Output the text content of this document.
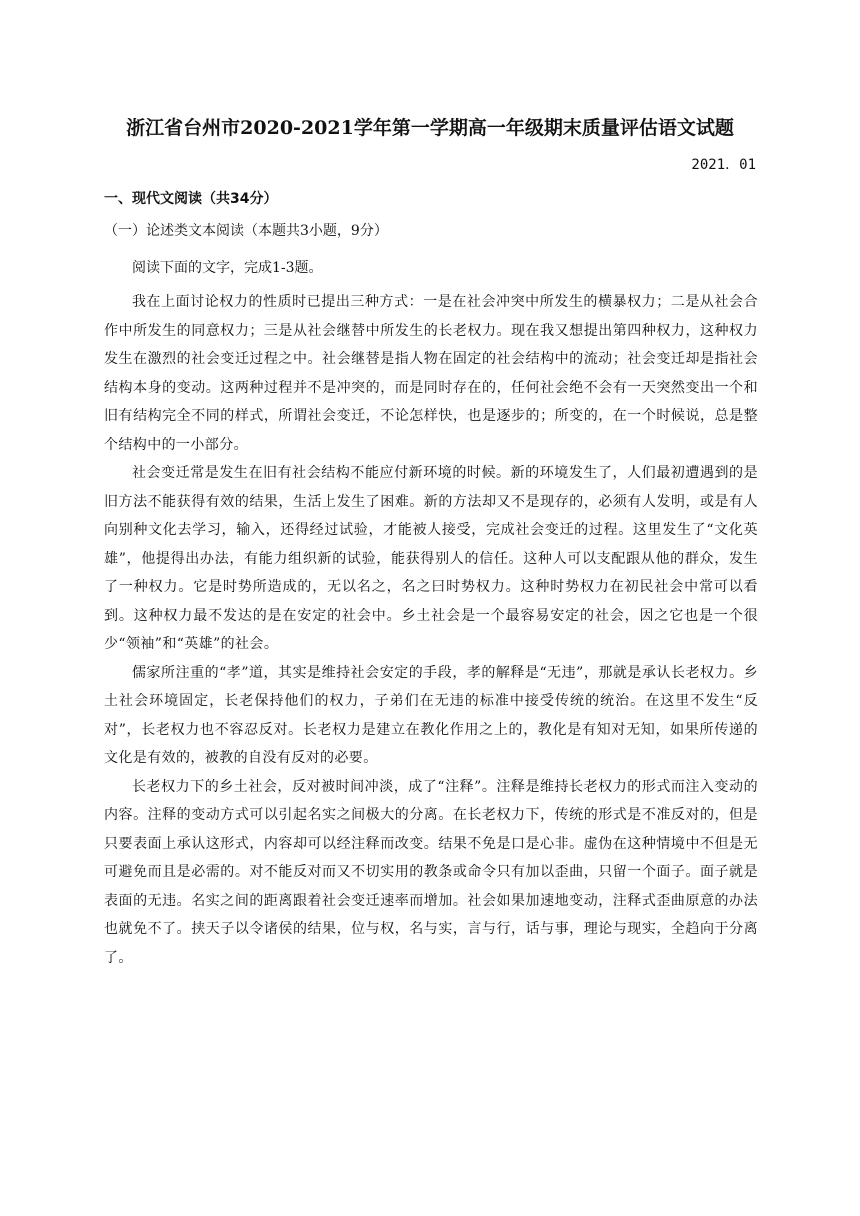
浙江省台州市2020-2021学年第一学期高一年级期末质量评估语文试题
2021．01
一、现代文阅读（共34分）
（一）论述类文本阅读（本题共3小题，9分）
阅读下面的文字，完成1-3题。

我在上面讨论权力的性质时已提出三种方式：一是在社会冲突中所发生的横暴权力；二是从社会合作中所发生的同意权力；三是从社会继替中所发生的长老权力。现在我又想提出第四种权力，这种权力发生在激烈的社会变迁过程之中。社会继替是指人物在固定的社会结构中的流动；社会变迁却是指社会结构本身的变动。这两种过程并不是冲突的，而是同时存在的，任何社会绝不会有一天突然变出一个和旧有结构完全不同的样式，所谓社会变迁，不论怎样快，也是逐步的；所变的，在一个时候说，总是整个结构中的一小部分。

社会变迁常是发生在旧有社会结构不能应付新环境的时候。新的环境发生了，人们最初遭遇到的是旧方法不能获得有效的结果，生活上发生了困难。新的方法却又不是现存的，必须有人发明，或是有人向别种文化去学习，输入，还得经过试验，才能被人接受，完成社会变迁的过程。这里发生了“文化英雄”，他提得出办法，有能力组织新的试验，能获得别人的信任。这种人可以支配跟从他的群众，发生了一种权力。它是时势所造成的，无以名之，名之曰时势权力。这种时势权力在初民社会中常可以看到。这种权力最不发达的是在安定的社会中。乡土社会是一个最容易安定的社会，因之它也是一个很少“领袖”和“英雄”的社会。

儒家所注重的“孝”道，其实是维持社会安定的手段，孝的解释是“无违”，那就是承认长老权力。乡土社会环境固定，长老保持他们的权力，子弟们在无违的标准中接受传统的统治。在这里不发生“反对”，长老权力也不容忍反对。长老权力是建立在教化作用之上的，教化是有知对无知，如果所传递的文化是有效的，被教的自没有反对的必要。

长老权力下的乡土社会，反对被时间冲淡，成了“注释”。注释是维持长老权力的形式而注入变动的内容。注释的变动方式可以引起名实之间极大的分离。在长老权力下，传统的形式是不准反对的，但是只要表面上承认这形式，内容却可以经注释而改变。结果不免是口是心非。虚伪在这种情境中不但是无可避免而且是必需的。对不能反对而又不切实用的教条或命令只有加以歪曲，只留一个面子。面子就是表面的无违。名实之间的距离跟着社会变迁速率而增加。社会如果加速地变动，注释式歪曲原意的办法也就免不了。挟天子以令诸侯的结果，位与权，名与实，言与行，话与事，理论与现实，全趋向于分离了。
